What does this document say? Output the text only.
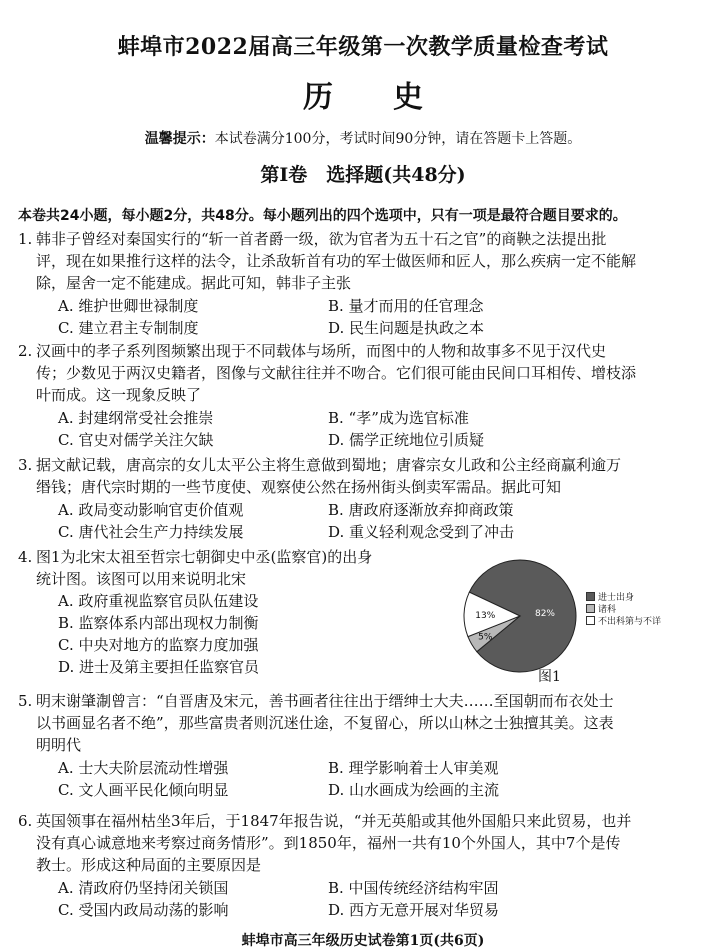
蚌埠市2022届高三年级第一次教学质量检查考试
历史
温馨提示：本试卷满分100分，考试时间90分钟，请在答题卡上答题。
第Ⅰ卷　选择题(共48分)
本卷共24小题，每小题2分，共48分。每小题列出的四个选项中，只有一项是最符合题目要求的。
1. 韩非子曾经对秦国实行的“斩一首者爵一级，欲为官者为五十石之官”的商鞅之法提出批
评，现在如果推行这样的法令，让杀敌斩首有功的军士做医师和匠人，那么疾病一定不能解
除，屋舍一定不能建成。据此可知，韩非子主张
A. 维护世卿世禄制度	B. 量才而用的任官理念
C. 建立君主专制制度	D. 民生问题是执政之本
2. 汉画中的孝子系列图频繁出现于不同载体与场所，而图中的人物和故事多不见于汉代史
传；少数见于两汉史籍者，图像与文献往往并不吻合。它们很可能由民间口耳相传、增枝添
叶而成。这一现象反映了
A. 封建纲常受社会推崇	B. “孝”成为选官标准
C. 官史对儒学关注欠缺	D. 儒学正统地位引质疑
3. 据文献记载，唐高宗的女儿太平公主将生意做到蜀地；唐睿宗女儿政和公主经商赢利逾万
缗钱；唐代宗时期的一些节度使、观察使公然在扬州街头倒卖军需品。据此可知
A. 政局变动影响官吏价值观	B. 唐政府逐渐放弃抑商政策
C. 唐代社会生产力持续发展	D. 重义轻利观念受到了冲击
4. 图1为北宋太祖至哲宗七朝御史中丞(监察官)的出身
统计图。该图可以用来说明北宋
A. 政府重视监察官员队伍建设
B. 监察体系内部出现权力制衡
C. 中央对地方的监察力度加强
D. 进士及第主要担任监察官员
82%
5%
13%
进士出身
诸科
不出科第与不详
图1
5. 明末谢肇淛曾言：“自晋唐及宋元，善书画者往往出于缙绅士大夫……至国朝而布衣处士
以书画显名者不绝”，那些富贵者则沉迷仕途，不复留心，所以山林之士独擅其美。这表
明明代
A. 士大夫阶层流动性增强	B. 理学影响着士人审美观
C. 文人画平民化倾向明显	D. 山水画成为绘画的主流
6. 英国领事在福州枯坐3年后，于1847年报告说，“并无英船或其他外国船只来此贸易，也并
没有真心诚意地来考察过商务情形”。到1850年，福州一共有10个外国人，其中7个是传
教士。形成这种局面的主要原因是
A. 清政府仍坚持闭关锁国	B. 中国传统经济结构牢固
C. 受国内政局动荡的影响	D. 西方无意开展对华贸易
蚌埠市高三年级历史试卷第1页(共6页)
